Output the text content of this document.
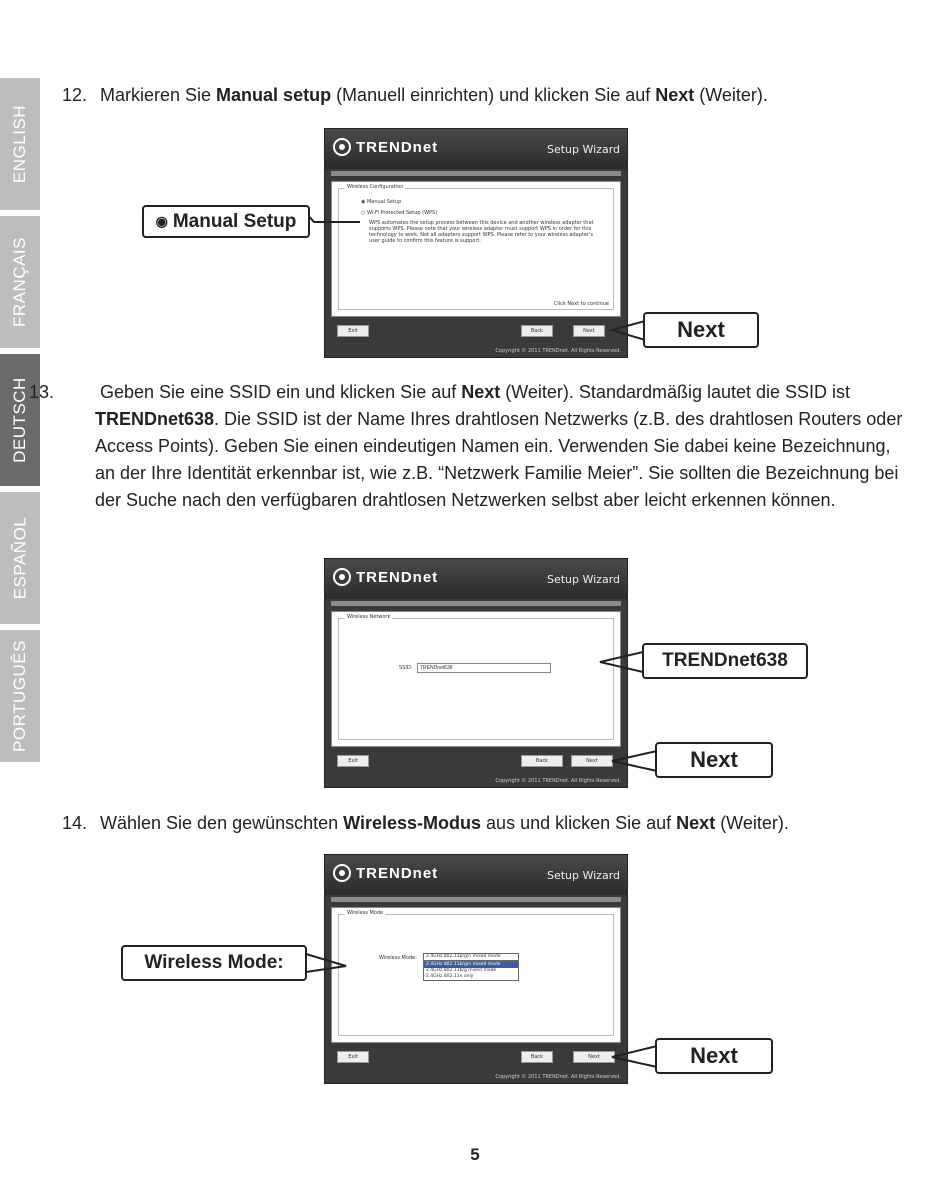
ENGLISH
FRANÇAIS
DEUTSCH
ESPAÑOL
PORTUGUÊS
12. Markieren Sie Manual setup (Manuell einrichten) und klicken Sie auf Next (Weiter).
TRENDnet	Setup Wizard
Wireless Configuration
◉ Manual Setup
○ Wi-Fi Protected Setup (WPS)
WPS automates the setup process between this device and another wireless adapter that supports WPS. Please note that your wireless adapter must support WPS in order for this technology to work. Not all adapters support WPS. Please refer to your wireless adapter's user guide to confirm this feature is support.
Click Next to continue
Exit	Back	Next
Copyright © 2011 TRENDnet. All Rights Reserved.
13. Geben Sie eine SSID ein und klicken Sie auf Next (Weiter). Standardmäßig lautet die SSID ist TRENDnet638. Die SSID ist der Name Ihres drahtlosen Netzwerks (z.B. des drahtlosen Routers oder Access Points). Geben Sie einen eindeutigen Namen ein. Verwenden Sie dabei keine Bezeichnung, an der Ihre Identität erkennbar ist, wie z.B. “Netzwerk Familie Meier”. Sie sollten die Bezeichnung bei der Suche nach den verfügbaren drahtlosen Netzwerken selbst aber leicht erkennen können.
TRENDnet	Setup Wizard
Wireless Network
SSID:	TRENDnet638
Exit	Back	Next
Copyright © 2011 TRENDnet. All Rights Reserved.
14. Wählen Sie den gewünschten Wireless-Modus aus und klicken Sie auf Next (Weiter).
TRENDnet	Setup Wizard
Wireless Mode
Wireless Mode:	2.4GHz 802.11b/g/n mixed mode
2.4GHz 802.11b/g/n mixed mode
2.4GHz 802.11b/g mixed mode
2.4GHz 802.11n only
Exit	Back	Next
Copyright © 2011 TRENDnet. All Rights Reserved.
◉ Manual Setup
Next
TRENDnet638
Next
Wireless Mode:
Next
5
